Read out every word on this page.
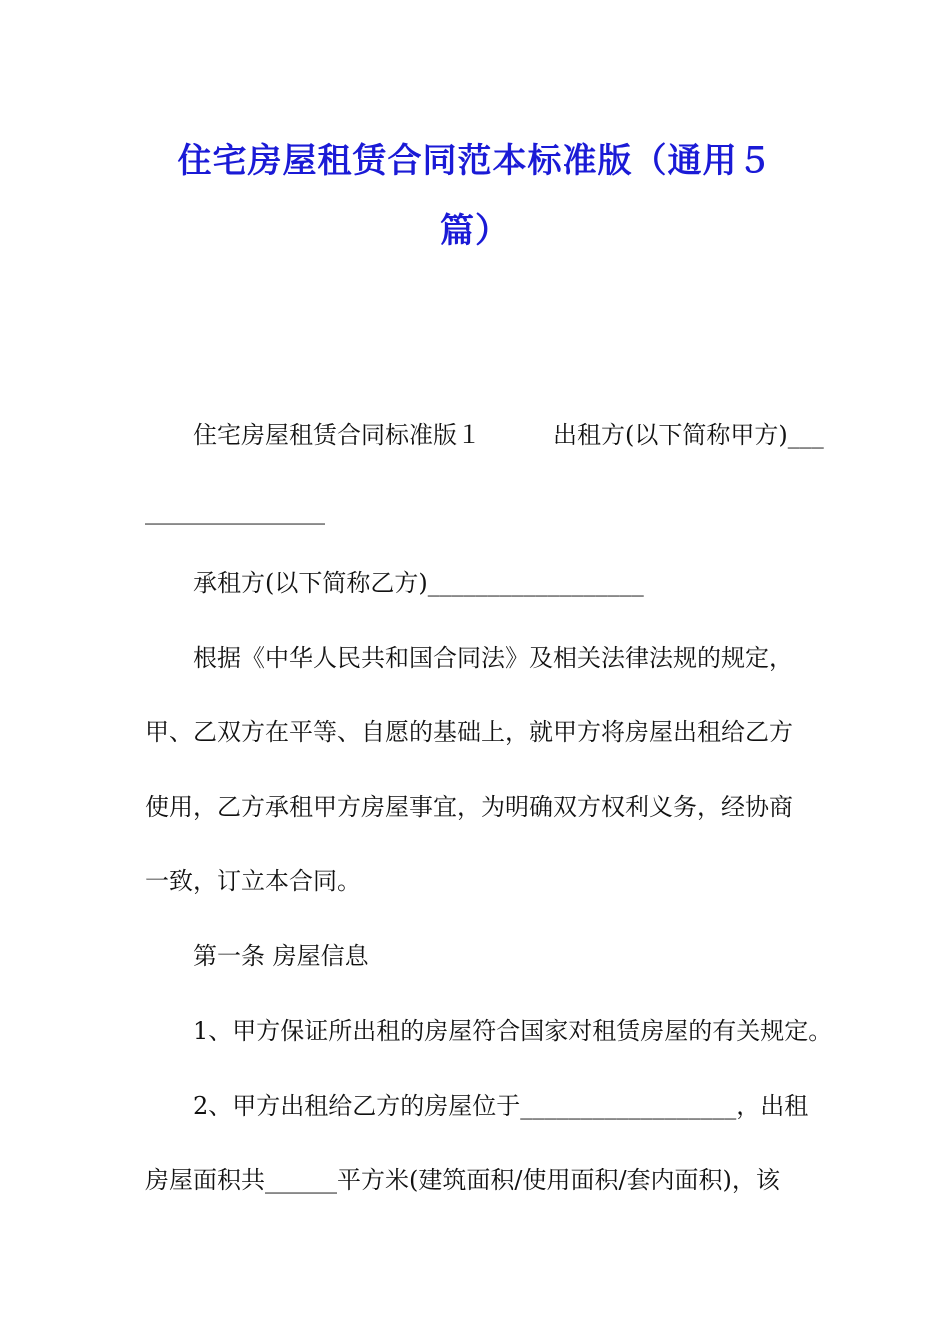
住宅房屋租赁合同范本标准版（通用５
篇）
住宅房屋租赁合同标准版１　　　出租方(以下简称甲方)___
_______________
承租方(以下简称乙方)__________________
根据《中华人民共和国合同法》及相关法律法规的规定，
甲、乙双方在平等、自愿的基础上，就甲方将房屋出租给乙方
使用，乙方承租甲方房屋事宜，为明确双方权利义务，经协商
一致，订立本合同。
第一条 房屋信息
1、甲方保证所出租的房屋符合国家对租赁房屋的有关规定。
2、甲方出租给乙方的房屋位于__________________，出租
房屋面积共______平方米(建筑面积/使用面积/套内面积)，该
